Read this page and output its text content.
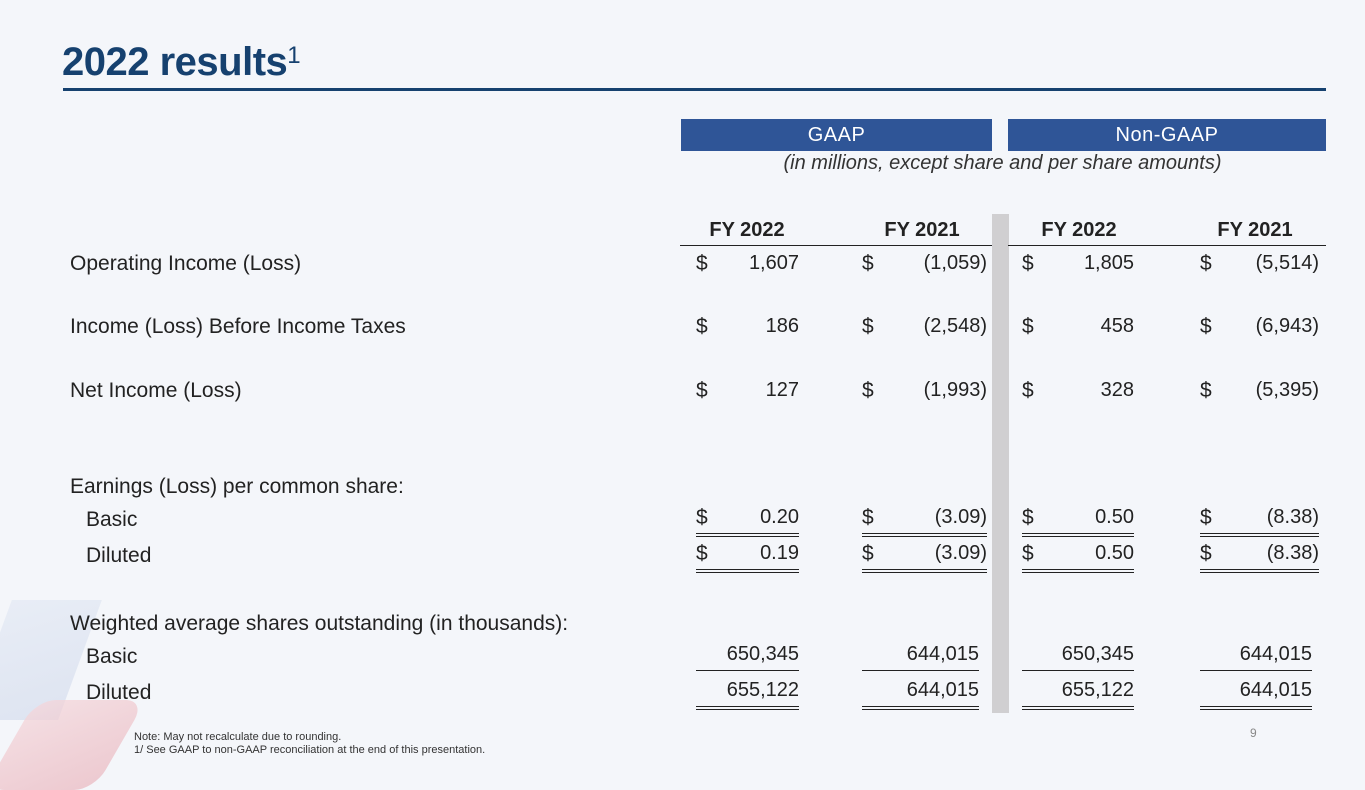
2022 results$^1$
GAAP	Non-GAAP
(in millions, except share and per share amounts)
FY 2022	FY 2021	FY 2022	FY 2021
Operating Income (Loss)	$	1,607	$	(1,059) $	1,805	$	(5,514)
Income (Loss) Before Income Taxes	$	186	$	(2,548) $	458	$	(6,943)
Net Income (Loss)	$	127	$	(1,993) $	328	$	(5,395)
Earnings (Loss) per common share:
Basic	$	0.20	$	(3.09) $	0.50	$	(8.38)
Diluted	$	0.19	$	(3.09) $	0.50	$	(8.38)
Weighted average shares outstanding (in thousands):
Basic	650,345	644,015	650,345	644,015
Diluted	655,122	644,015	655,122	644,015
Note: May not recalculate due to rounding.
1/ See GAAP to non-GAAP reconciliation at the end of this presentation.
9
